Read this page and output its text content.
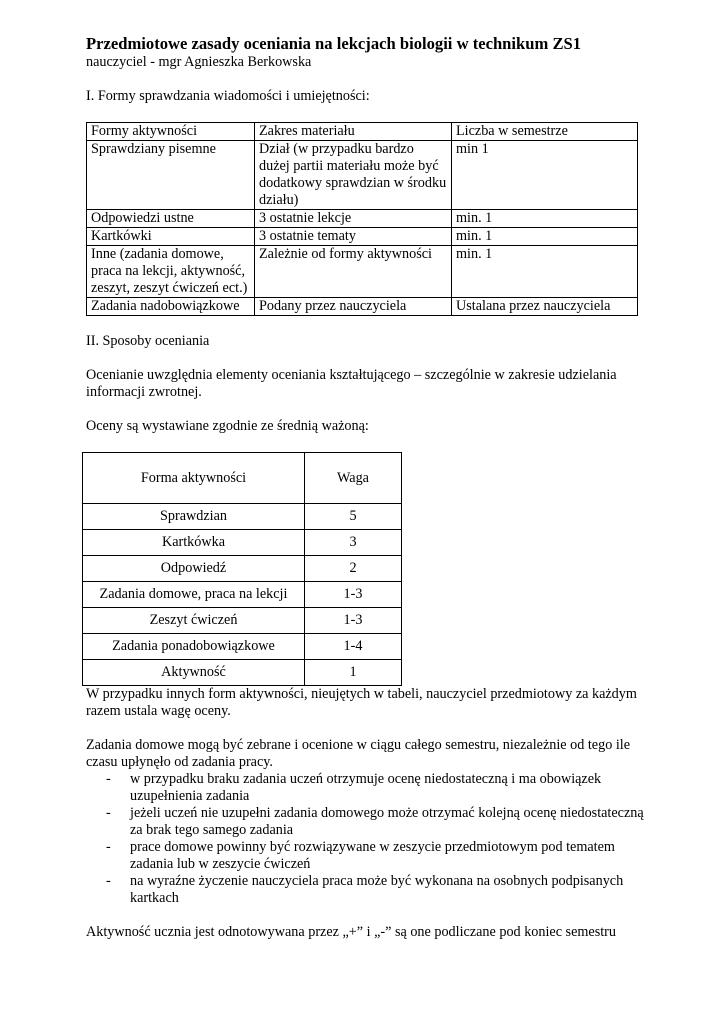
Przedmiotowe zasady oceniania na lekcjach biologii w technikum ZS1

nauczyciel - mgr Agnieszka Berkowska

I. Formy sprawdzania wiadomości i umiejętności:

Formy aktywności	Zakres materiału	Liczba w semestrze
Sprawdziany pisemne	Dział (w przypadku bardzo dużej partii materiału może być dodatkowy sprawdzian w środku działu)	min 1
Odpowiedzi ustne	3 ostatnie lekcje	min. 1
Kartkówki	3 ostatnie tematy	min. 1
Inne (zadania domowe, praca na lekcji, aktywność, zeszyt, zeszyt ćwiczeń ect.)	Zależnie od formy aktywności	min. 1
Zadania nadobowiązkowe	Podany przez nauczyciela	Ustalana przez nauczyciela

II. Sposoby oceniania

Ocenianie uwzględnia elementy oceniania kształtującego – szczególnie w zakresie udzielania informacji zwrotnej.

Oceny są wystawiane zgodnie ze średnią ważoną:

Forma aktywności	Waga
Sprawdzian	5
Kartkówka	3
Odpowiedź	2
Zadania domowe, praca na lekcji	1-3
Zeszyt ćwiczeń	1-3
Zadania ponadobowiązkowe	1-4
Aktywność	1

W przypadku innych form aktywności, nieujętych w tabeli, nauczyciel przedmiotowy za każdym razem ustala wagę oceny.

Zadania domowe mogą być zebrane i ocenione w ciągu całego semestru, niezależnie od tego ile czasu upłynęło od zadania pracy.

- w przypadku braku zadania uczeń otrzymuje ocenę niedostateczną i ma obowiązek uzupełnienia zadania
- jeżeli uczeń nie uzupełni zadania domowego może otrzymać kolejną ocenę niedostateczną za brak tego samego zadania
- prace domowe powinny być rozwiązywane w zeszycie przedmiotowym pod tematem zadania lub w zeszycie ćwiczeń
- na wyraźne życzenie nauczyciela praca może być wykonana na osobnych podpisanych kartkach

Aktywność ucznia jest odnotowywana przez „+” i „-” są one podliczane pod koniec semestru
